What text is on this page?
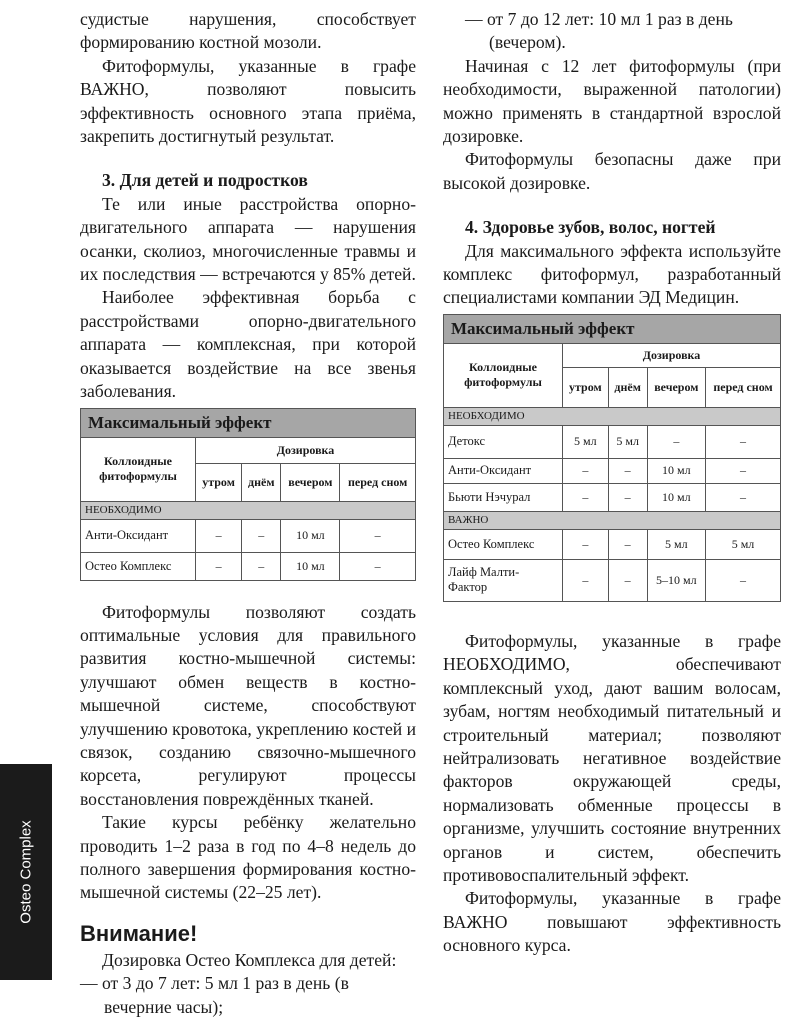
судистые нарушения, способствует формированию костной мозоли.

Фитоформулы, указанные в графе ВАЖНО, позволяют повысить эффективность основного этапа приёма, закрепить достигнутый результат.

3. Для детей и подростков

Те или иные расстройства опорно-двигательного аппарата — нарушения осанки, сколиоз, многочисленные травмы и их последствия — встречаются у 85% детей.

Наиболее эффективная борьба с расстройствами опорно-двигательного аппарата — комплексная, при которой оказывается воздействие на все звенья заболевания.

Максимальный эффект				
Коллоидные фитоформулы	Дозировка			
	утром	днём	вечером	перед сном
НЕОБХОДИМО				
Анти-Оксидант	–	–	10 мл	–
Остео Комплекс	–	–	10 мл	–

Фитоформулы позволяют создать оптимальные условия для правильного развития костно-мышечной системы: улучшают обмен веществ в костно-мышечной системе, способствуют улучшению кровотока, укреплению костей и связок, созданию связочно-мышечного корсета, регулируют процессы восстановления повреждённых тканей.

Такие курсы ребёнку желательно проводить 1–2 раза в год по 4–8 недель до полного завершения формирования костно-мышечной системы (22–25 лет).

Внимание!

Дозировка Остео Комплекса для детей:

— от 3 до 7 лет: 5 мл 1 раз в день (в вечерние часы);

— от 7 до 12 лет: 10 мл 1 раз в день (вечером).

Начиная с 12 лет фитоформулы (при необходимости, выраженной патологии) можно применять в стандартной взрослой дозировке.

Фитоформулы безопасны даже при высокой дозировке.

4. Здоровье зубов, волос, ногтей

Для максимального эффекта используйте комплекс фитоформул, разработанный специалистами компании ЭД Медицин.

Максимальный эффект				
Коллоидные фитоформулы	Дозировка			
	утром	днём	вечером	перед сном
НЕОБХОДИМО				
Детокс	5 мл	5 мл	–	–
Анти-Оксидант	–	–	10 мл	–
Бьюти Нэчурал	–	–	10 мл	–
ВАЖНО				
Остео Комплекс	–	–	5 мл	5 мл
Лайф Малти-Фактор	–	–	5–10 мл	–

Фитоформулы, указанные в графе НЕОБХОДИМО, обеспечивают комплексный уход, дают вашим волосам, зубам, ногтям необходимый питательный и строительный материал; позволяют нейтрализовать негативное воздействие факторов окружающей среды, нормализовать обменные процессы в организме, улучшить состояние внутренних органов и систем, обеспечить противовоспалительный эффект.

Фитоформулы, указанные в графе ВАЖНО повышают эффективность основного курса.

Osteo Complex
